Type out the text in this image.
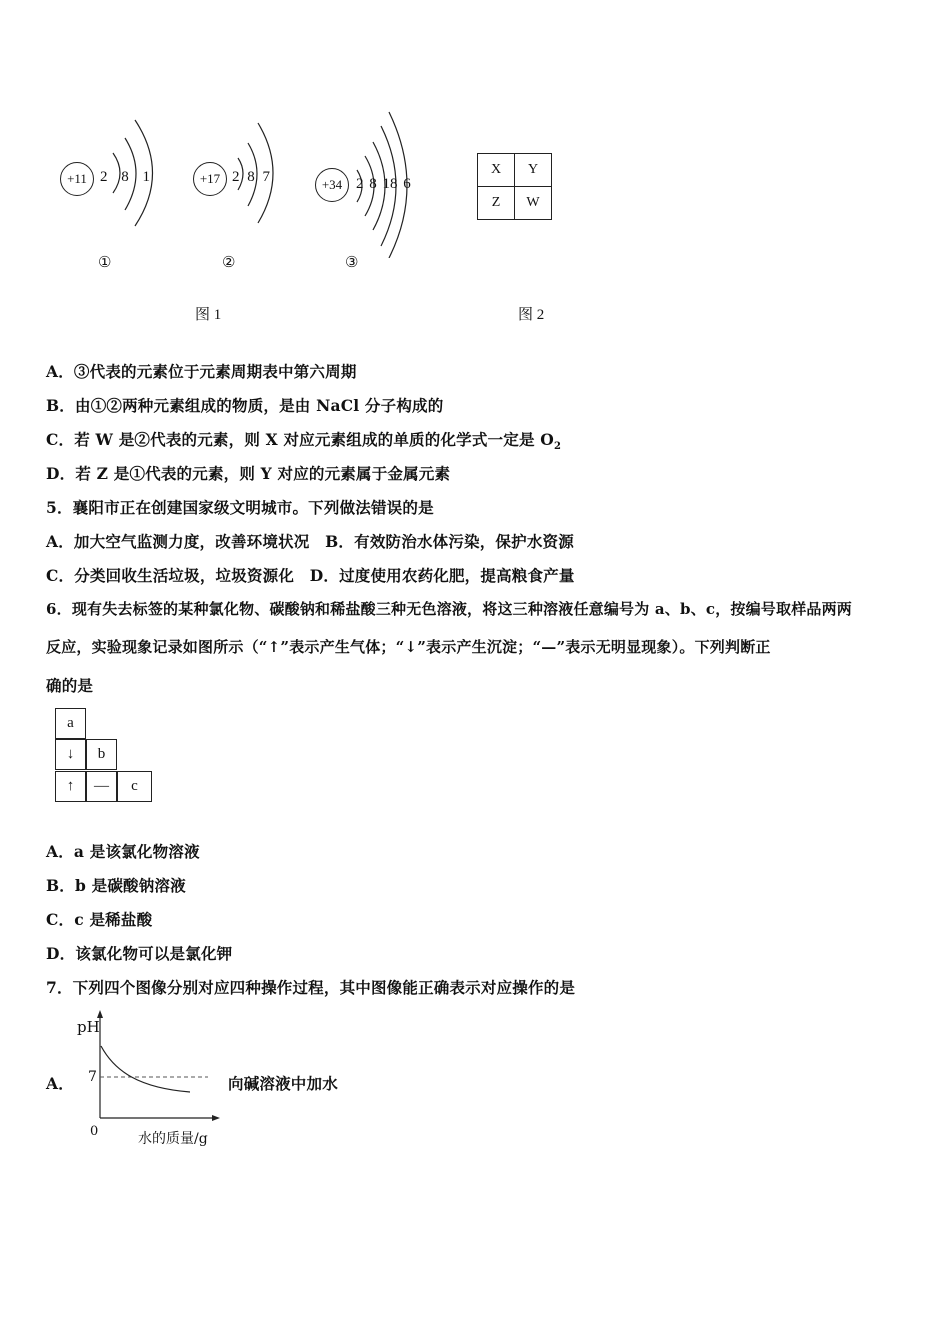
+11 2 8 1
①
+17 2 8 7
②
+34 2 8 18 6
③
图 1
X	Y
Z	W
图 2
A．③代表的元素位于元素周期表中第六周期
B．由①②两种元素组成的物质，是由 NaCl 分子构成的
C．若 W 是②代表的元素，则 X 对应元素组成的单质的化学式一定是 $O_2$
D．若 Z 是①代表的元素，则 Y 对应的元素属于金属元素
5．襄阳市正在创建国家级文明城市。下列做法错误的是
A．加大空气监测力度，改善环境状况　B．有效防治水体污染，保护水资源
C．分类回收生活垃圾，垃圾资源化　D．过度使用农药化肥，提高粮食产量
6．现有失去标签的某种氯化物、碳酸钠和稀盐酸三种无色溶液，将这三种溶液任意编号为 a、b、c，按编号取样品两两
反应，实验现象记录如图所示（“↑”表示产生气体；“↓”表示产生沉淀；“—”表示无明显现象）。下列判断正
确的是
a
↓	b
↑	—	c
A．a 是该氯化物溶液
B．b 是碳酸钠溶液
C．c 是稀盐酸
D．该氯化物可以是氯化钾
7．下列四个图像分别对应四种操作过程，其中图像能正确表示对应操作的是
A．	向碱溶液中加水
pH
7
0	水的质量/g
